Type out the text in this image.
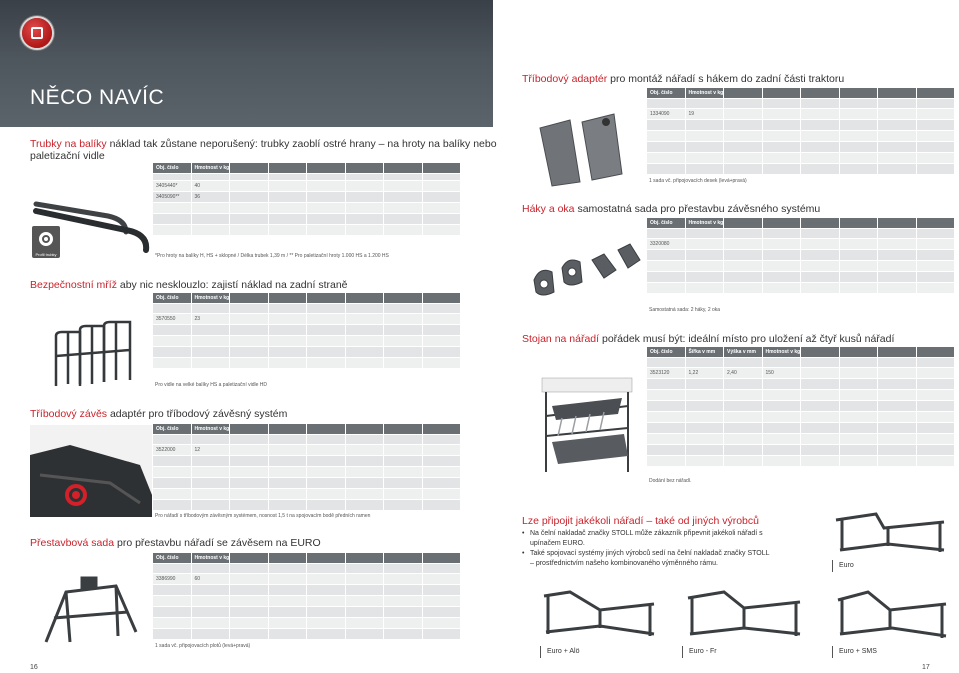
NĚCO NAVÍC
Trubky na balíky náklad tak zůstane neporušený: trubky zaoblí ostré hrany – na hroty na balíky nebo
paletizační vidle
Profil trubky
Obj. číslo	Hmotnost v kg
3405440*	40
3405090**	36
*Pro hroty na balíky H, HS + sklopné / Délka trubek 1,39 m / ** Pro paletizační hroty 1.000 HS a 1.200 HS
Bezpečnostní mříž aby nic nesklouzlo: zajistí náklad na zadní straně
Obj. číslo	Hmotnost v kg
3570550	23
Pro vidle na velké balíky HS a paletizační vidle HD
Tříbodový závěs adaptér pro tříbodový závěsný systém
Obj. číslo	Hmotnost v kg
3522000	12
Pro nářadí s tříbodovým závěsným systémem, nosnost 1,5 t na spojovacím bodě předních ramen
Přestavbová sada pro přestavbu nářadí se závěsem na EURO
Obj. číslo	Hmotnost v kg
3386990	60
1 sada vč. připojovacích plotů (levá+pravá)
16
Tříbodový adaptér pro montáž nářadí s hákem do zadní části traktoru
Obj. číslo	Hmotnost v kg
1334090	19
1 sada vč. připojovacích desek (levá+pravá)
Háky a oka samostatná sada pro přestavbu závěsného systému
Obj. číslo	Hmotnost v kg
3320080
Samostatná sada: 2 háky, 2 oka
Stojan na nářadí pořádek musí být: ideální místo pro uložení až čtyř kusů nářadí
Obj. číslo	Šířka v mm	Výška v mm	Hmotnost v kg
3523120	1,22	2,40	150
Dodání bez nářadí.
Lze připojit jakékoli nářadí – také od jiných výrobců
• Na čelní nakladač značky STOLL může zákazník připevnit jakékoli nářadí s upínačem EURO.
• Také spojovací systémy jiných výrobců sedí na čelní nakladač značky STOLL – prostřednictvím našeho kombinovaného výměnného rámu.	Euro
Euro + Alö	Euro - Fr	Euro + SMS
17
